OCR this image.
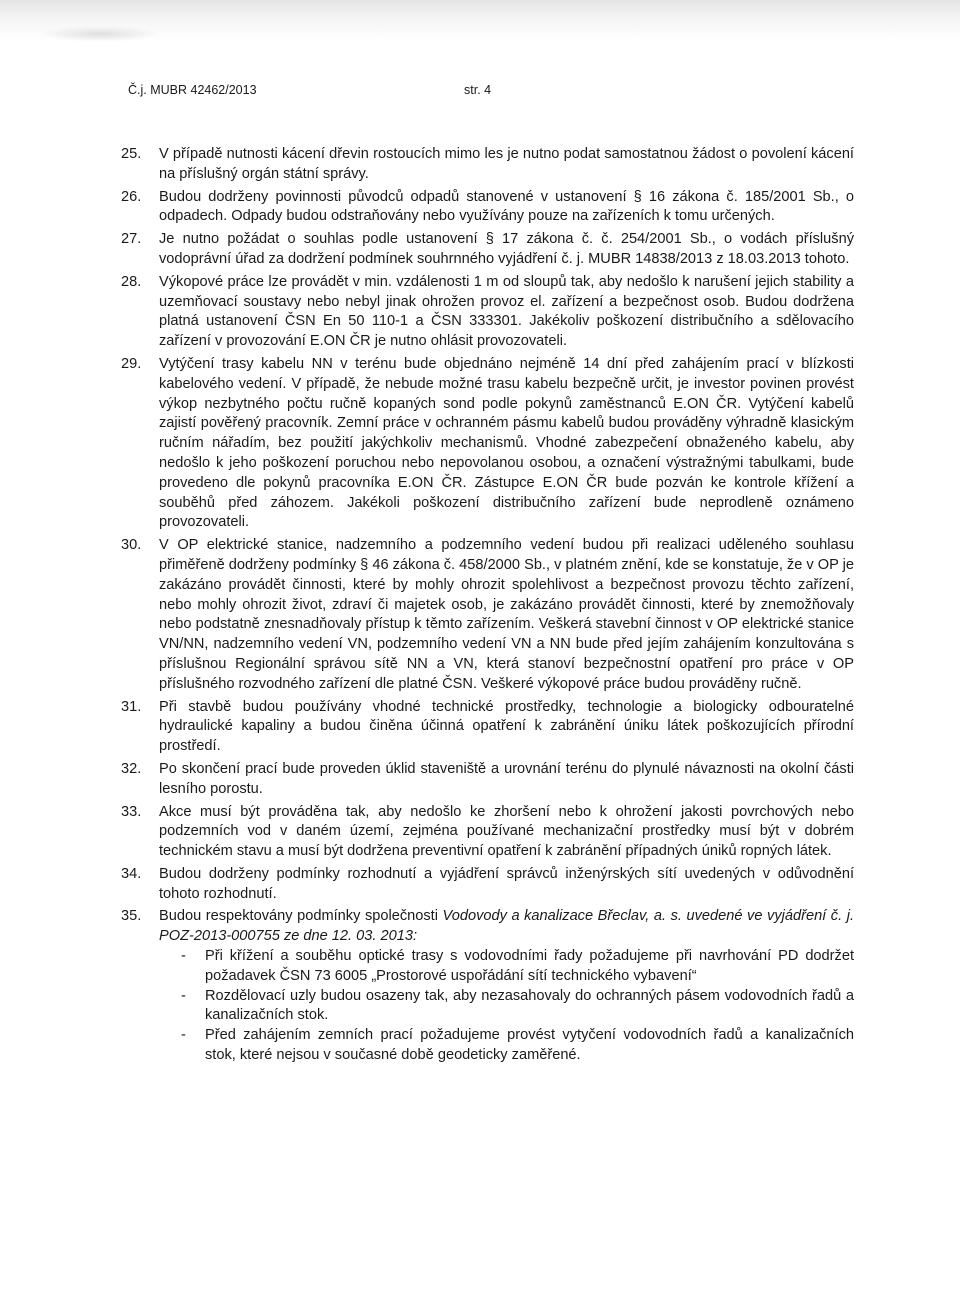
Č.j. MUBR 42462/2013	str. 4
25. V případě nutnosti kácení dřevin rostoucích mimo les je nutno podat samostatnou žádost o povolení kácení na příslušný orgán státní správy.
26. Budou dodrženy povinnosti původců odpadů stanovené v ustanovení § 16 zákona č. 185/2001 Sb., o odpadech. Odpady budou odstraňovány nebo využívány pouze na zařízeních k tomu určených.
27. Je nutno požádat o souhlas podle ustanovení § 17 zákona č. č. 254/2001 Sb., o vodách příslušný vodoprávní úřad za dodržení podmínek souhrnného vyjádření č. j. MUBR 14838/2013 z 18.03.2013 tohoto.
28. Výkopové práce lze provádět v min. vzdálenosti 1 m od sloupů tak, aby nedošlo k narušení jejich stability a uzemňovací soustavy nebo nebyl jinak ohrožen provoz el. zařízení a bezpečnost osob. Budou dodržena platná ustanovení ČSN En 50 110-1 a ČSN 333301. Jakékoliv poškození distribučního a sdělovacího zařízení v provozování E.ON ČR je nutno ohlásit provozovateli.
29. Vytýčení trasy kabelu NN v terénu bude objednáno nejméně 14 dní před zahájením prací v blízkosti kabelového vedení. V případě, že nebude možné trasu kabelu bezpečně určit, je investor povinen provést výkop nezbytného počtu ručně kopaných sond podle pokynů zaměstnanců E.ON ČR. Vytýčení kabelů zajistí pověřený pracovník. Zemní práce v ochranném pásmu kabelů budou prováděny výhradně klasickým ručním nářadím, bez použití jakýchkoliv mechanismů. Vhodné zabezpečení obnaženého kabelu, aby nedošlo k jeho poškození poruchou nebo nepovolanou osobou, a označení výstražnými tabulkami, bude provedeno dle pokynů pracovníka E.ON ČR. Zástupce E.ON ČR bude pozván ke kontrole křížení a souběhů před záhozem. Jakékoli poškození distribučního zařízení bude neprodleně oznámeno provozovateli.
30. V OP elektrické stanice, nadzemního a podzemního vedení budou při realizaci uděleného souhlasu přiměřeně dodrženy podmínky § 46 zákona č. 458/2000 Sb., v platném znění, kde se konstatuje, že v OP je zakázáno provádět činnosti, které by mohly ohrozit spolehlivost a bezpečnost provozu těchto zařízení, nebo mohly ohrozit život, zdraví či majetek osob, je zakázáno provádět činnosti, které by znemožňovaly nebo podstatně znesnadňovaly přístup k těmto zařízením. Veškerá stavební činnost v OP elektrické stanice VN/NN, nadzemního vedení VN, podzemního vedení VN a NN bude před jejím zahájením konzultována s příslušnou Regionální správou sítě NN a VN, která stanoví bezpečnostní opatření pro práce v OP příslušného rozvodného zařízení dle platné ČSN. Veškeré výkopové práce budou prováděny ručně.
31. Při stavbě budou používány vhodné technické prostředky, technologie a biologicky odbouratelné hydraulické kapaliny a budou činěna účinná opatření k zabránění úniku látek poškozujících přírodní prostředí.
32. Po skončení prací bude proveden úklid staveniště a urovnání terénu do plynulé návaznosti na okolní části lesního porostu.
33. Akce musí být prováděna tak, aby nedošlo ke zhoršení nebo k ohrožení jakosti povrchových nebo podzemních vod v daném území, zejména používané mechanizační prostředky musí být v dobrém technickém stavu a musí být dodržena preventivní opatření k zabránění případných úniků ropných látek.
34. Budou dodrženy podmínky rozhodnutí a vyjádření správců inženýrských sítí uvedených v odůvodnění tohoto rozhodnutí.
35. Budou respektovány podmínky společnosti Vodovody a kanalizace Břeclav, a. s. uvedené ve vyjádření č. j. POZ-2013-000755 ze dne 12. 03. 2013:
- Při křížení a souběhu optické trasy s vodovodními řady požadujeme při navrhování PD dodržet požadavek ČSN 73 6005 „Prostorové uspořádání sítí technického vybavení“
- Rozdělovací uzly budou osazeny tak, aby nezasahovaly do ochranných pásem vodovodních řadů a kanalizačních stok.
- Před zahájením zemních prací požadujeme provést vytyčení vodovodních řadů a kanalizačních stok, které nejsou v současné době geodeticky zaměřené.
